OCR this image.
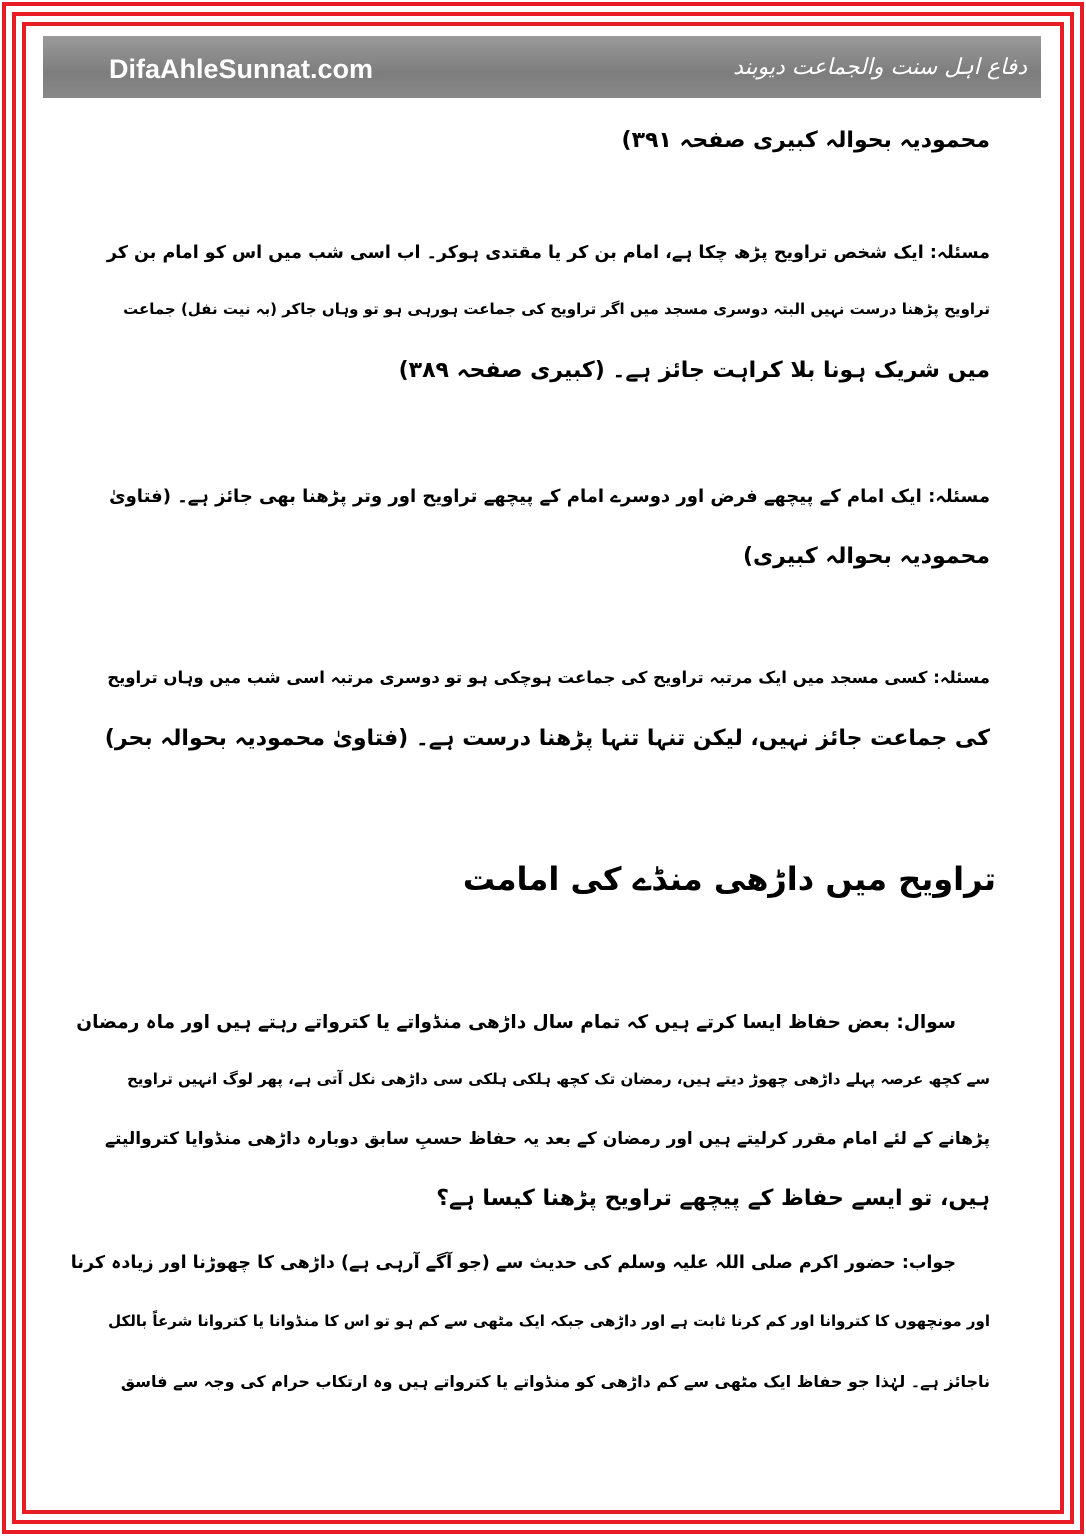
DifaAhleSunnat.com	دفاع اہل سنت والجماعت دیوبند
محمودیہ بحوالہ کبیری صفحہ ۳۹۱)
مسئلہ: ایک شخص تراویح پڑھ چکا ہے، امام بن کر یا مقتدی ہوکر۔ اب اسی شب میں اس کو امام بن کر
تراویح پڑھنا درست نہیں البتہ دوسری مسجد میں اگر تراویح کی جماعت ہورہی ہو تو وہاں جاکر (بہ نیت نفل) جماعت
میں شریک ہونا بلا کراہت جائز ہے۔ (کبیری صفحہ ۳۸۹)
مسئلہ: ایک امام کے پیچھے فرض اور دوسرے امام کے پیچھے تراویح اور وتر پڑھنا بھی جائز ہے۔ (فتاویٰ
محمودیہ بحوالہ کبیری)
مسئلہ: کسی مسجد میں ایک مرتبہ تراویح کی جماعت ہوچکی ہو تو دوسری مرتبہ اسی شب میں وہاں تراویح
کی جماعت جائز نہیں، لیکن تنہا تنہا پڑھنا درست ہے۔ (فتاویٰ محمودیہ بحوالہ بحر)
تراویح میں داڑھی منڈے کی امامت
سوال: بعض حفاظ ایسا کرتے ہیں کہ تمام سال داڑھی منڈواتے یا کترواتے رہتے ہیں اور ماہ رمضان
سے کچھ عرصہ پہلے داڑھی چھوڑ دیتے ہیں، رمضان تک کچھ ہلکی ہلکی سی داڑھی نکل آتی ہے، پھر لوگ انہیں تراویح
پڑھانے کے لئے امام مقرر کرلیتے ہیں اور رمضان کے بعد یہ حفاظ حسبِ سابق دوبارہ داڑھی منڈوایا کتروالیتے
ہیں، تو ایسے حفاظ کے پیچھے تراویح پڑھنا کیسا ہے؟
جواب: حضور اکرم صلی اللہ علیہ وسلم کی حدیث سے (جو آگے آرہی ہے) داڑھی کا چھوڑنا اور زیادہ کرنا
اور مونچھوں کا کتروانا اور کم کرنا ثابت ہے اور داڑھی جبکہ ایک مٹھی سے کم ہو تو اس کا منڈوانا یا کتروانا شرعاً بالکل
ناجائز ہے۔ لہٰذا جو حفاظ ایک مٹھی سے کم داڑھی کو منڈواتے یا کترواتے ہیں وہ ارتکاب حرام کی وجہ سے فاسق
